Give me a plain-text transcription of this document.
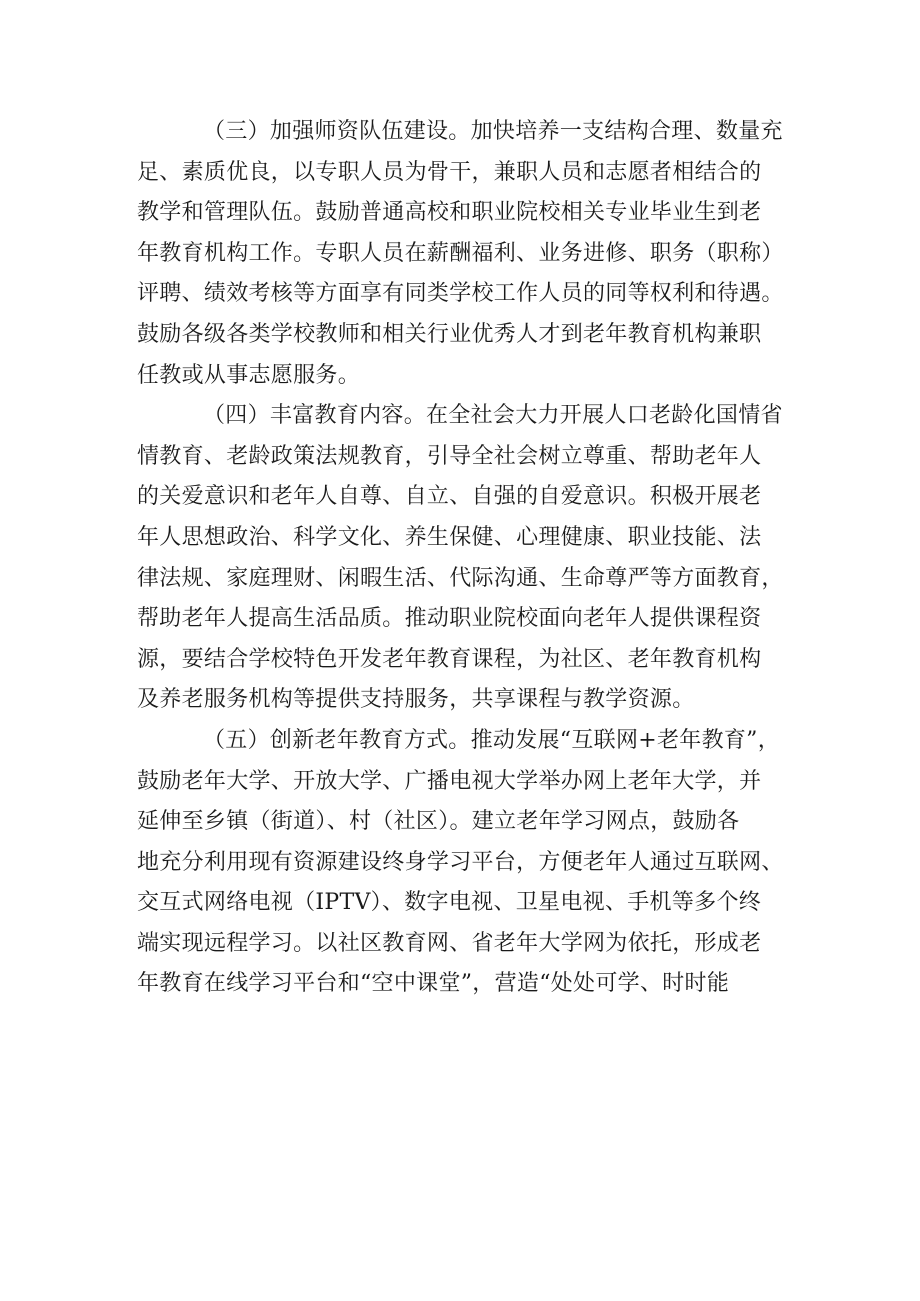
（三）加强师资队伍建设。加快培养一支结构合理、数量充
足、素质优良，以专职人员为骨干，兼职人员和志愿者相结合的
教学和管理队伍。鼓励普通高校和职业院校相关专业毕业生到老
年教育机构工作。专职人员在薪酬福利、业务进修、职务（职称）
评聘、绩效考核等方面享有同类学校工作人员的同等权利和待遇。
鼓励各级各类学校教师和相关行业优秀人才到老年教育机构兼职
任教或从事志愿服务。
（四）丰富教育内容。在全社会大力开展人口老龄化国情省
情教育、老龄政策法规教育，引导全社会树立尊重、帮助老年人
的关爱意识和老年人自尊、自立、自强的自爱意识。积极开展老
年人思想政治、科学文化、养生保健、心理健康、职业技能、法
律法规、家庭理财、闲暇生活、代际沟通、生命尊严等方面教育，
帮助老年人提高生活品质。推动职业院校面向老年人提供课程资
源，要结合学校特色开发老年教育课程，为社区、老年教育机构
及养老服务机构等提供支持服务，共享课程与教学资源。
（五）创新老年教育方式。推动发展“互联网+老年教育”，
鼓励老年大学、开放大学、广播电视大学举办网上老年大学，并
延伸至乡镇（街道）、村（社区）。建立老年学习网点，鼓励各
地充分利用现有资源建设终身学习平台，方便老年人通过互联网、
交互式网络电视（IPTV）、数字电视、卫星电视、手机等多个终
端实现远程学习。以社区教育网、省老年大学网为依托，形成老
年教育在线学习平台和“空中课堂”，营造“处处可学、时时能
